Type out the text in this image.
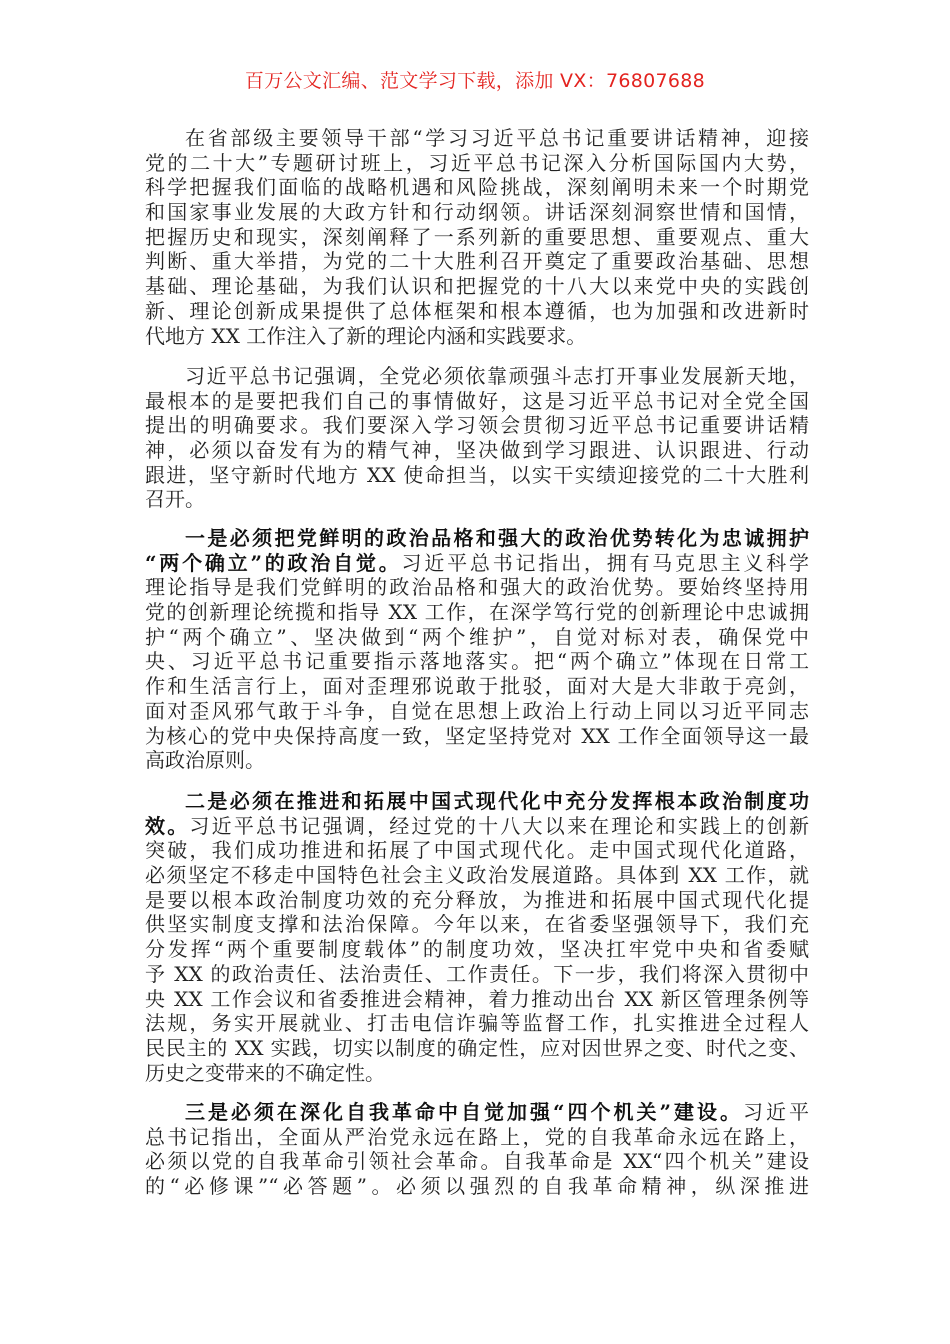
百万公文汇编、范文学习下载，添加 VX：76807688
在省部级主要领导干部“学习习近平总书记重要讲话精神，迎接
党的二十大”专题研讨班上，习近平总书记深入分析国际国内大势，
科学把握我们面临的战略机遇和风险挑战，深刻阐明未来一个时期党
和国家事业发展的大政方针和行动纲领。讲话深刻洞察世情和国情，
把握历史和现实，深刻阐释了一系列新的重要思想、重要观点、重大
判断、重大举措，为党的二十大胜利召开奠定了重要政治基础、思想
基础、理论基础，为我们认识和把握党的十八大以来党中央的实践创
新、理论创新成果提供了总体框架和根本遵循，也为加强和改进新时
代地方 XX 工作注入了新的理论内涵和实践要求。
习近平总书记强调，全党必须依靠顽强斗志打开事业发展新天地，
最根本的是要把我们自己的事情做好，这是习近平总书记对全党全国
提出的明确要求。我们要深入学习领会贯彻习近平总书记重要讲话精
神，必须以奋发有为的精气神，坚决做到学习跟进、认识跟进、行动
跟进，坚守新时代地方 XX 使命担当，以实干实绩迎接党的二十大胜利
召开。
一是必须把党鲜明的政治品格和强大的政治优势转化为忠诚拥护
“两个确立”的政治自觉。习近平总书记指出，拥有马克思主义科学
理论指导是我们党鲜明的政治品格和强大的政治优势。要始终坚持用
党的创新理论统揽和指导 XX 工作，在深学笃行党的创新理论中忠诚拥
护“两个确立”、坚决做到“两个维护”，自觉对标对表，确保党中
央、习近平总书记重要指示落地落实。把“两个确立”体现在日常工
作和生活言行上，面对歪理邪说敢于批驳，面对大是大非敢于亮剑，
面对歪风邪气敢于斗争，自觉在思想上政治上行动上同以习近平同志
为核心的党中央保持高度一致，坚定坚持党对 XX 工作全面领导这一最
高政治原则。
二是必须在推进和拓展中国式现代化中充分发挥根本政治制度功
效。习近平总书记强调，经过党的十八大以来在理论和实践上的创新
突破，我们成功推进和拓展了中国式现代化。走中国式现代化道路，
必须坚定不移走中国特色社会主义政治发展道路。具体到 XX 工作，就
是要以根本政治制度功效的充分释放，为推进和拓展中国式现代化提
供坚实制度支撑和法治保障。今年以来，在省委坚强领导下，我们充
分发挥“两个重要制度载体”的制度功效，坚决扛牢党中央和省委赋
予 XX 的政治责任、法治责任、工作责任。下一步，我们将深入贯彻中
央 XX 工作会议和省委推进会精神，着力推动出台 XX 新区管理条例等
法规，务实开展就业、打击电信诈骗等监督工作，扎实推进全过程人
民民主的 XX 实践，切实以制度的确定性，应对因世界之变、时代之变、
历史之变带来的不确定性。
三是必须在深化自我革命中自觉加强“四个机关”建设。习近平
总书记指出，全面从严治党永远在路上，党的自我革命永远在路上，
必须以党的自我革命引领社会革命。自我革命是 XX“四个机关”建设
的“必修课”“必答题”。必须以强烈的自我革命精神，纵深推进
